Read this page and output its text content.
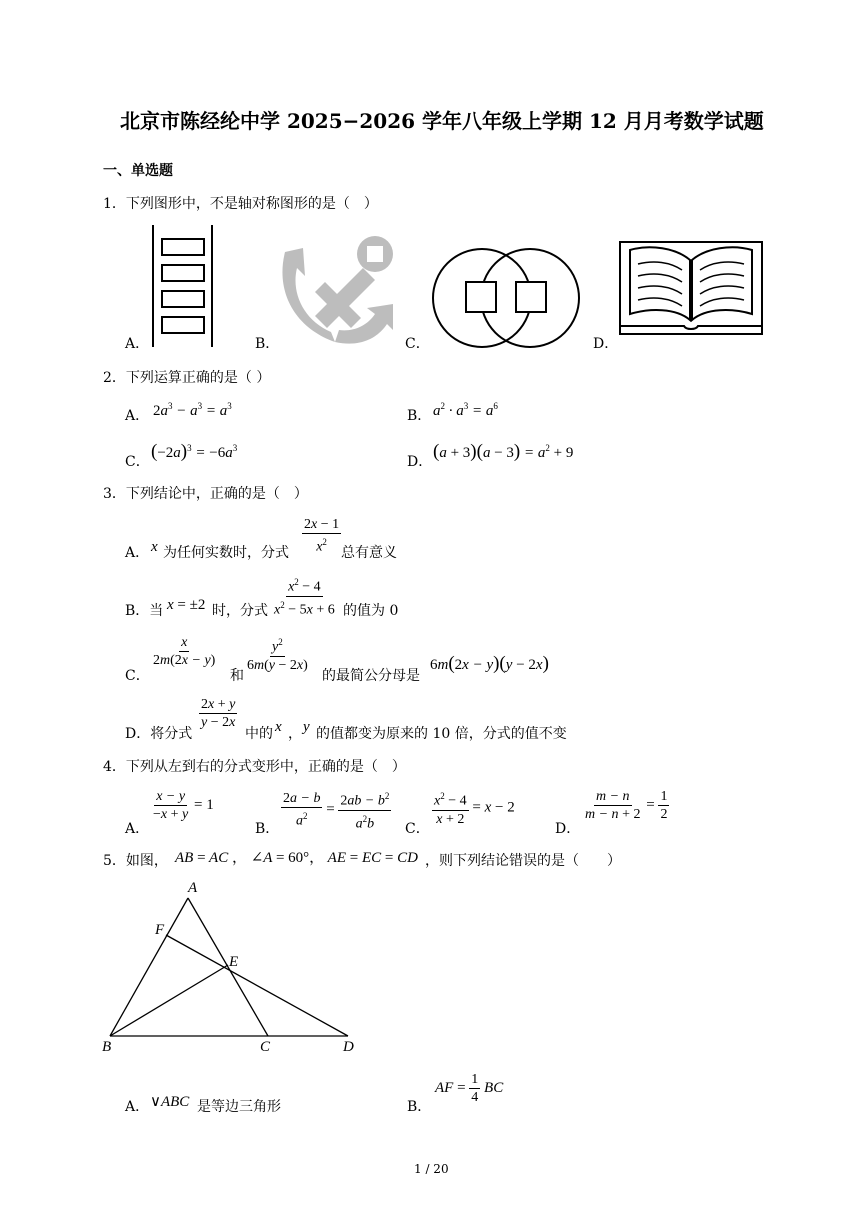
北京市陈经纶中学 2025−2026 学年八年级上学期 12 月月考数学试题
一、单选题
1．下列图形中，不是轴对称图形的是（　）
A．	B．	C．	D．
2．下列运算正确的是（ ）
A． $2a^3 - a^3 = a^3$
B． $a^2 \cdot a^3 = a^6$
C． $(-2a)^3 = -6a^3$
D． $(a + 3)(a - 3) = a^2 + 9$
3．下列结论中，正确的是（　）
A． x 为任何实数时，分式 $\frac{2x - 1}{x^2}$ 总有意义
B．当 x = ±2 时，分式 $\frac{x^2 - 4}{x^2 - 5x + 6}$ 的值为 0
C．
$\frac{x}{2m(2x - y)}$
和
$\frac{y^2}{6m(y - 2x)}$
的最简公分母是
6m(2x − y)(y − 2x)
D．将分式
$\frac{2x + y}{y - 2x}$
中的 x ， y 的值都变为原来的 10 倍，分式的值不变
4．下列从左到右的分式变形中，正确的是（　）
A．
$\frac{x - y}{-x + y} = 1$
B． $\frac{2a - b}{a^2} = \frac{2ab - b^2}{a^2b}$ C．
$\frac{x^2 - 4}{x + 2} = x - 2$
D．
$\frac{m - n}{m - n + 2} = \frac{1}{2}$
5．如图， AB = AC ， ∠A = 60°， AE = EC = CD ，则下列结论错误的是（　　）
A
F
E
B	C	D
A． ∨ABC 是等边三角形	B．
AF = $\frac{1}{4}$ BC
1 / 20
